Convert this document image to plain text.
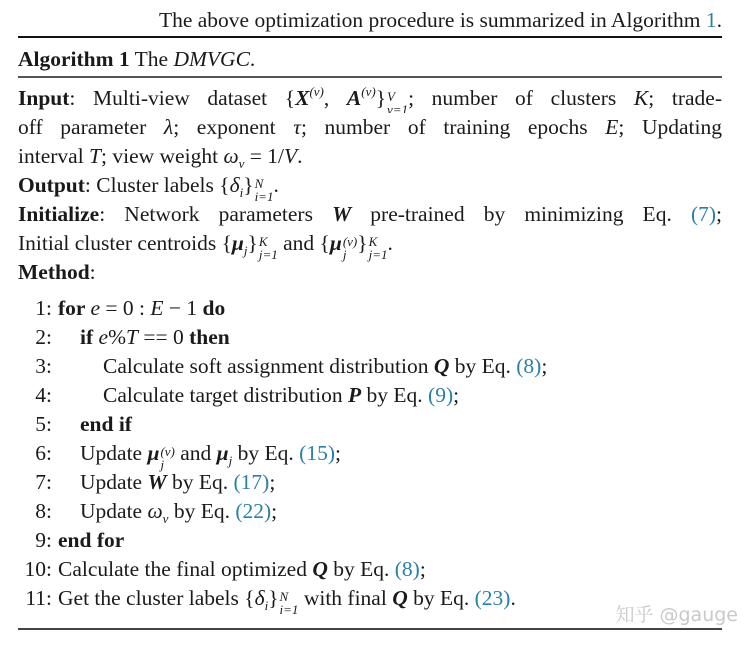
The above optimization procedure is summarized in Algorithm 1.
Algorithm 1 The DMVGC.
Input: Multi-view dataset {$X^{(v)}$, $A^{(v)}$} V
v=1 ; number of clusters K; trade-
off parameter λ; exponent τ; number of training epochs E; Updating
interval T; view weight $\omega_v = 1/V$.
Output: Cluster labels $\{\delta_i\}$ N
i=1 .
Initialize: Network parameters W pre-trained by minimizing Eq. (7);
Initial cluster centroids $\{\mu_j\}$ K
j=1 and {μ (v)
j } K
j=1 .
Method:
1: for e = 0 : E − 1 do
2:	if e%T == 0 then
3:	Calculate soft assignment distribution Q by Eq. (8);
4:	Calculate target distribution P by Eq. (9);
5:	end if
6:	Update μ (v)
j and $\mu_j$ by Eq. (15);
7:	Update W by Eq. (17);
8:	Update $\omega_v$ by Eq. (22);
9: end for
10: Calculate the final optimized Q by Eq. (8);
11: Get the cluster labels $\{\delta_i\}$ N
i=1 with final Q by Eq. (23).
知乎 @gauge
